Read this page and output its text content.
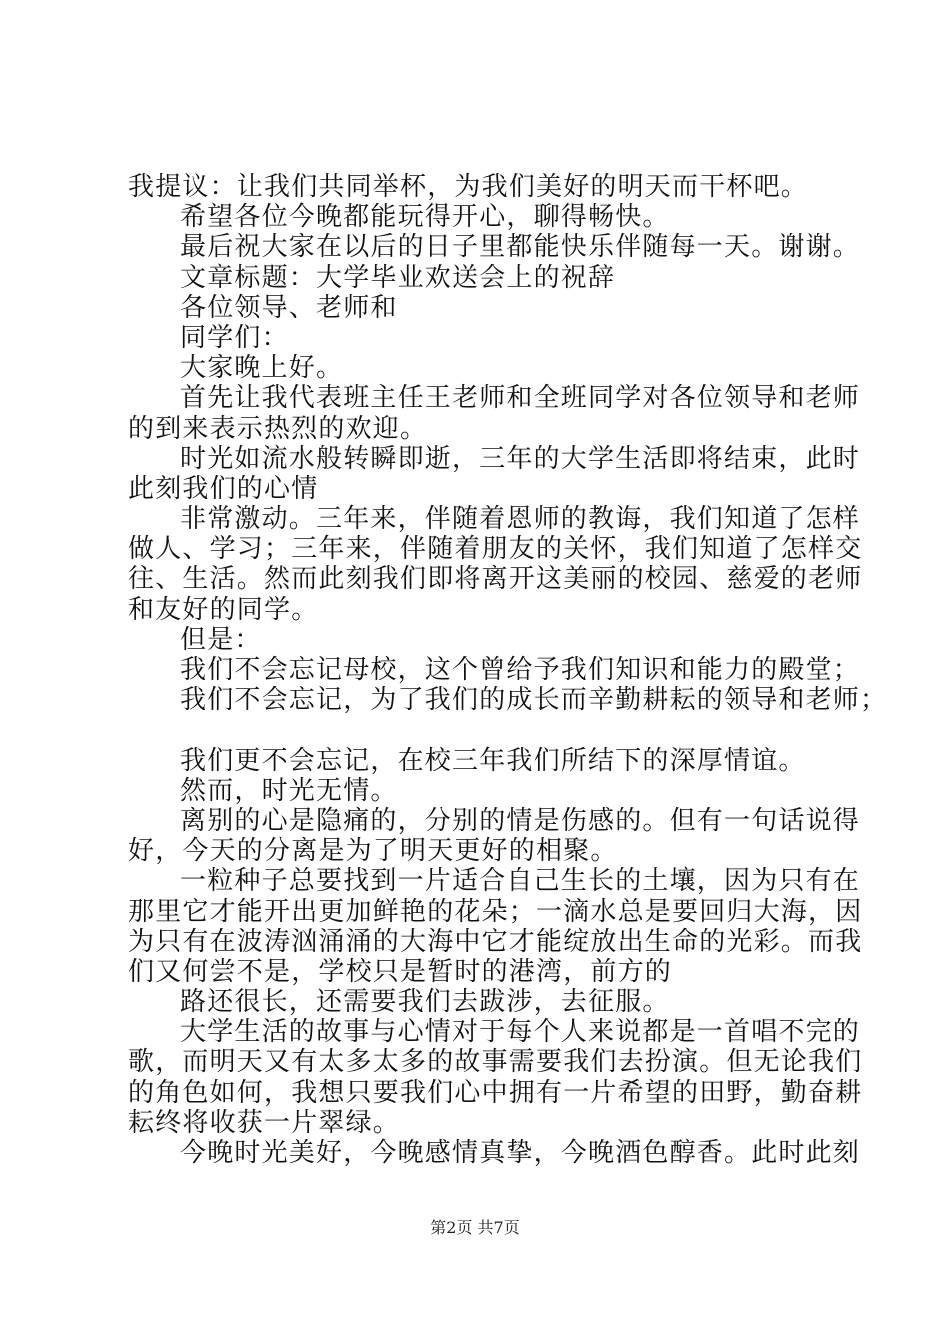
我提议：让我们共同举杯，为我们美好的明天而干杯吧。
希望各位今晚都能玩得开心，聊得畅快。
最后祝大家在以后的日子里都能快乐伴随每一天。谢谢。
文章标题：大学毕业欢送会上的祝辞
各位领导、老师和
同学们：
大家晚上好。
首先让我代表班主任王老师和全班同学对各位领导和老师
的到来表示热烈的欢迎。
时光如流水般转瞬即逝，三年的大学生活即将结束，此时
此刻我们的心情
非常激动。三年来，伴随着恩师的教诲，我们知道了怎样
做人、学习；三年来，伴随着朋友的关怀，我们知道了怎样交
往、生活。然而此刻我们即将离开这美丽的校园、慈爱的老师
和友好的同学。
但是：
我们不会忘记母校，这个曾给予我们知识和能力的殿堂；
我们不会忘记，为了我们的成长而辛勤耕耘的领导和老师；
我们更不会忘记，在校三年我们所结下的深厚情谊。
然而，时光无情。
离别的心是隐痛的，分别的情是伤感的。但有一句话说得
好，今天的分离是为了明天更好的相聚。
一粒种子总要找到一片适合自己生长的土壤，因为只有在
那里它才能开出更加鲜艳的花朵；一滴水总是要回归大海，因
为只有在波涛汹涌涌的大海中它才能绽放出生命的光彩。而我
们又何尝不是，学校只是暂时的港湾，前方的
路还很长，还需要我们去跋涉，去征服。
大学生活的故事与心情对于每个人来说都是一首唱不完的
歌，而明天又有太多太多的故事需要我们去扮演。但无论我们
的角色如何，我想只要我们心中拥有一片希望的田野，勤奋耕
耘终将收获一片翠绿。
今晚时光美好，今晚感情真挚，今晚酒色醇香。此时此刻
第2页 共7页
